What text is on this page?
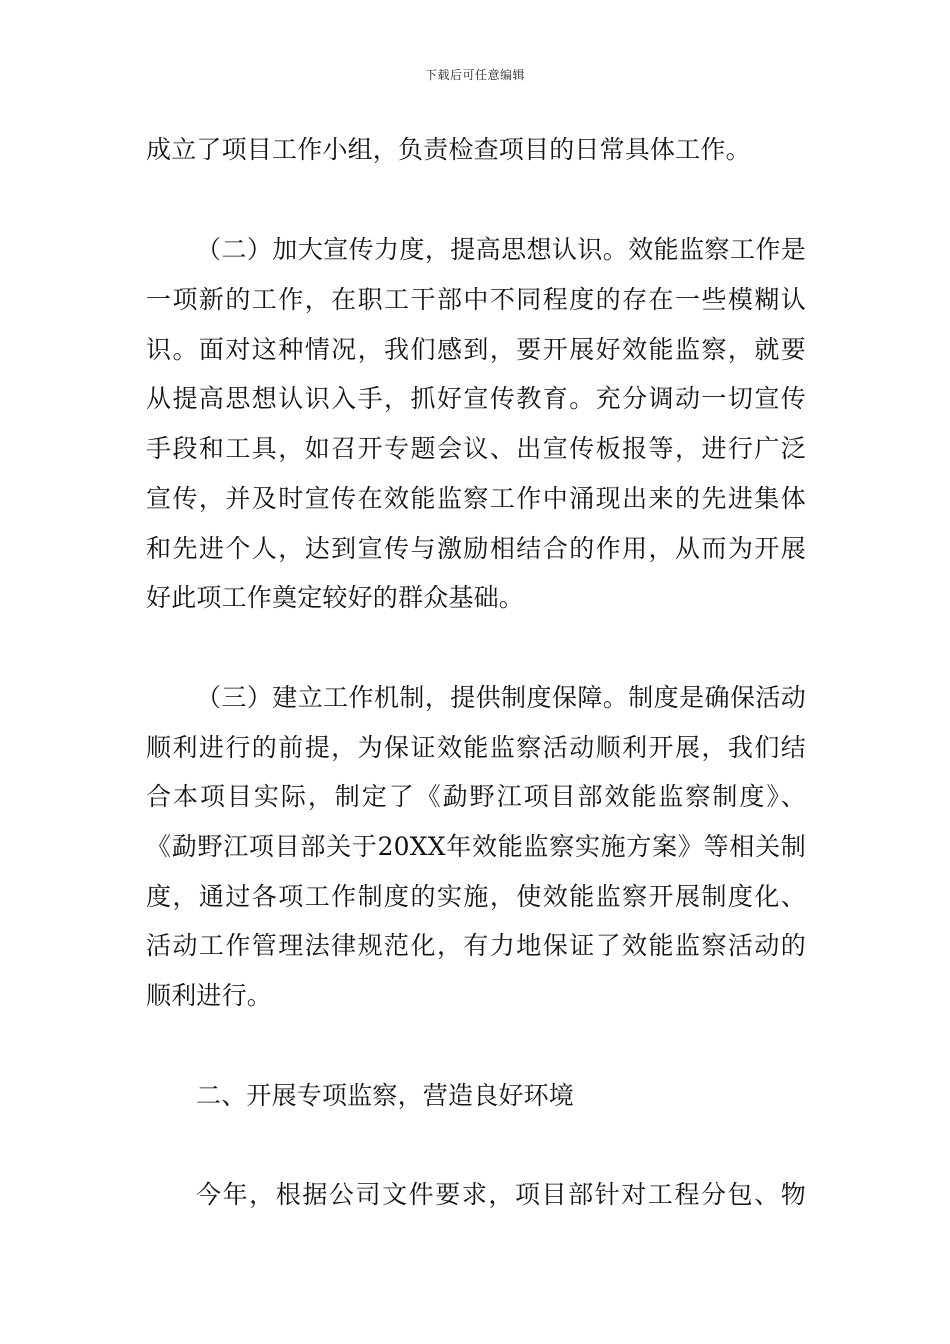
下载后可任意编辑
成立了项目工作小组，负责检查项目的日常具体工作。
（二）加大宣传力度，提高思想认识。效能监察工作是
一项新的工作，在职工干部中不同程度的存在一些模糊认
识。面对这种情况，我们感到，要开展好效能监察，就要
从提高思想认识入手，抓好宣传教育。充分调动一切宣传
手段和工具，如召开专题会议、出宣传板报等，进行广泛
宣传，并及时宣传在效能监察工作中涌现出来的先进集体
和先进个人，达到宣传与激励相结合的作用，从而为开展
好此项工作奠定较好的群众基础。
（三）建立工作机制，提供制度保障。制度是确保活动
顺利进行的前提，为保证效能监察活动顺利开展，我们结
合本项目实际，制定了《勐野江项目部效能监察制度》、
《勐野江项目部关于20XX年效能监察实施方案》等相关制
度，通过各项工作制度的实施，使效能监察开展制度化、
活动工作管理法律规范化，有力地保证了效能监察活动的
顺利进行。
二、开展专项监察，营造良好环境
今年，根据公司文件要求，项目部针对工程分包、物
